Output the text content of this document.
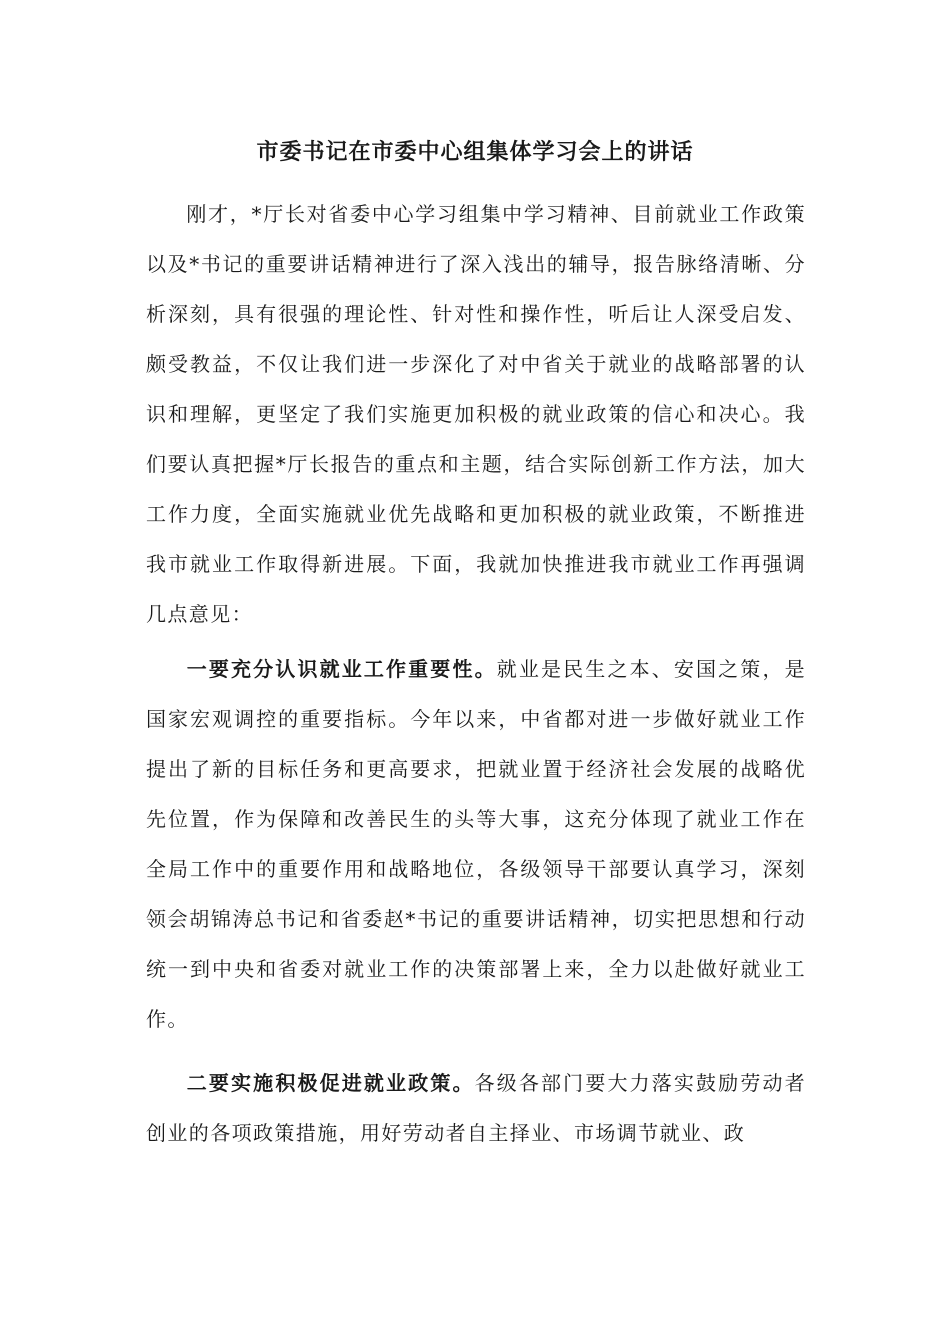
市委书记在市委中心组集体学习会上的讲话

刚才，*厅长对省委中心学习组集中学习精神、目前就业工作政策以及*书记的重要讲话精神进行了深入浅出的辅导，报告脉络清晰、分析深刻，具有很强的理论性、针对性和操作性，听后让人深受启发、颇受教益，不仅让我们进一步深化了对中省关于就业的战略部署的认识和理解，更坚定了我们实施更加积极的就业政策的信心和决心。我们要认真把握*厅长报告的重点和主题，结合实际创新工作方法，加大工作力度，全面实施就业优先战略和更加积极的就业政策，不断推进我市就业工作取得新进展。下面，我就加快推进我市就业工作再强调几点意见：

一要充分认识就业工作重要性。就业是民生之本、安国之策，是国家宏观调控的重要指标。今年以来，中省都对进一步做好就业工作提出了新的目标任务和更高要求，把就业置于经济社会发展的战略优先位置，作为保障和改善民生的头等大事，这充分体现了就业工作在全局工作中的重要作用和战略地位，各级领导干部要认真学习，深刻领会胡锦涛总书记和省委赵*书记的重要讲话精神，切实把思想和行动统一到中央和省委对就业工作的决策部署上来，全力以赴做好就业工作。

二要实施积极促进就业政策。各级各部门要大力落实鼓励劳动者创业的各项政策措施，用好劳动者自主择业、市场调节就业、政
